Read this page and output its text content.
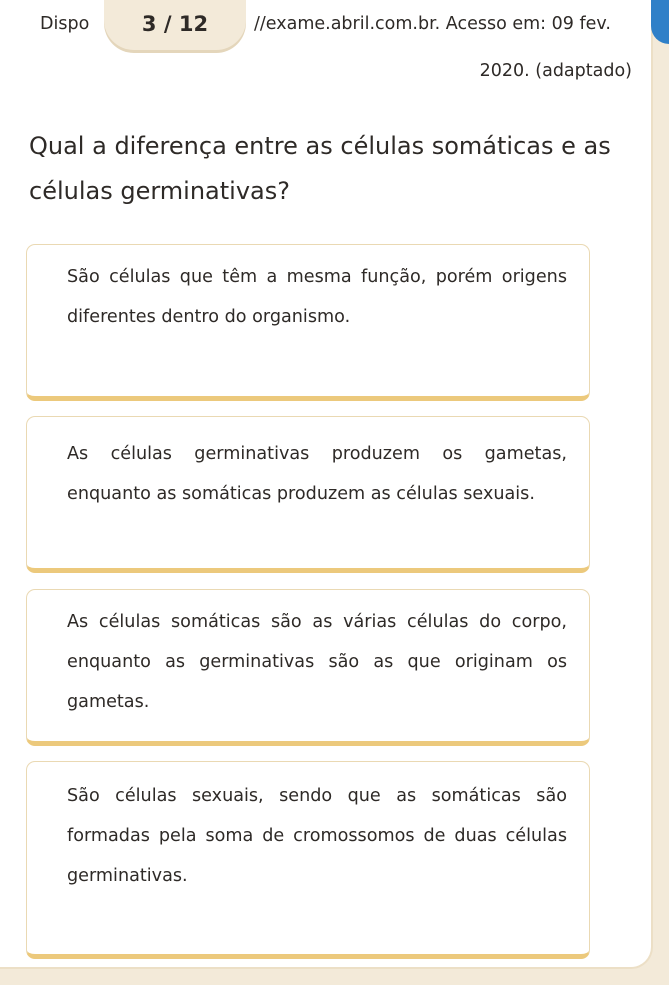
Dispo	//exame.abril.com.br. Acesso em: 09 fev.

2020. (adaptado)

3 / 12
Qual a diferença entre as células somáticas e as células germinativas?
São células que têm a mesma função, porém origens diferentes dentro do organismo.
As células germinativas produzem os gametas, enquanto as somáticas produzem as células sexuais.
As células somáticas são as várias células do corpo, enquanto as germinativas são as que originam os gametas.
São células sexuais, sendo que as somáticas são formadas pela soma de cromossomos de duas células germinativas.
